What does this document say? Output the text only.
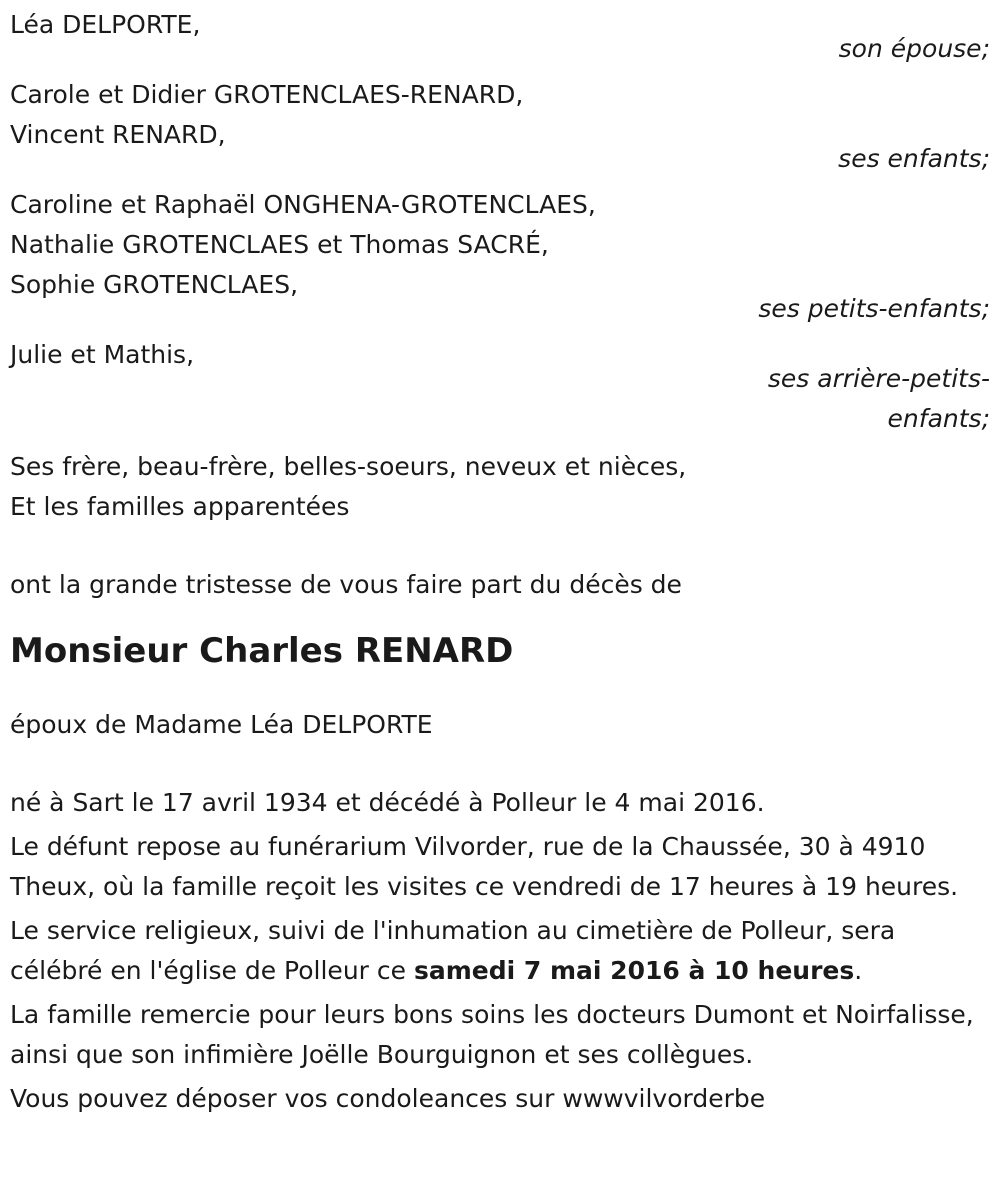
Léa DELPORTE,
son épouse;
Carole et Didier GROTENCLAES-RENARD,
Vincent RENARD,
ses enfants;
Caroline et Raphaël ONGHENA-GROTENCLAES,
Nathalie GROTENCLAES et Thomas SACRÉ,
Sophie GROTENCLAES,
ses petits-enfants;
Julie et Mathis,
ses arrière-petits-enfants;
Ses frère, beau-frère, belles-soeurs, neveux et nièces,
Et les familles apparentées
ont la grande tristesse de vous faire part du décès de
Monsieur Charles RENARD
époux de Madame Léa DELPORTE
né à Sart le 17 avril 1934 et décédé à Polleur le 4 mai 2016.
Le défunt repose au funérarium Vilvorder, rue de la Chaussée, 30 à 4910 Theux, où la famille reçoit les visites ce vendredi de 17 heures à 19 heures.
Le service religieux, suivi de l'inhumation au cimetière de Polleur, sera célébré en l'église de Polleur ce samedi 7 mai 2016 à 10 heures.
La famille remercie pour leurs bons soins les docteurs Dumont et Noirfalisse, ainsi que son infimière Joëlle Bourguignon et ses collègues.
Vous pouvez déposer vos condoleances sur wwwvilvorderbe
